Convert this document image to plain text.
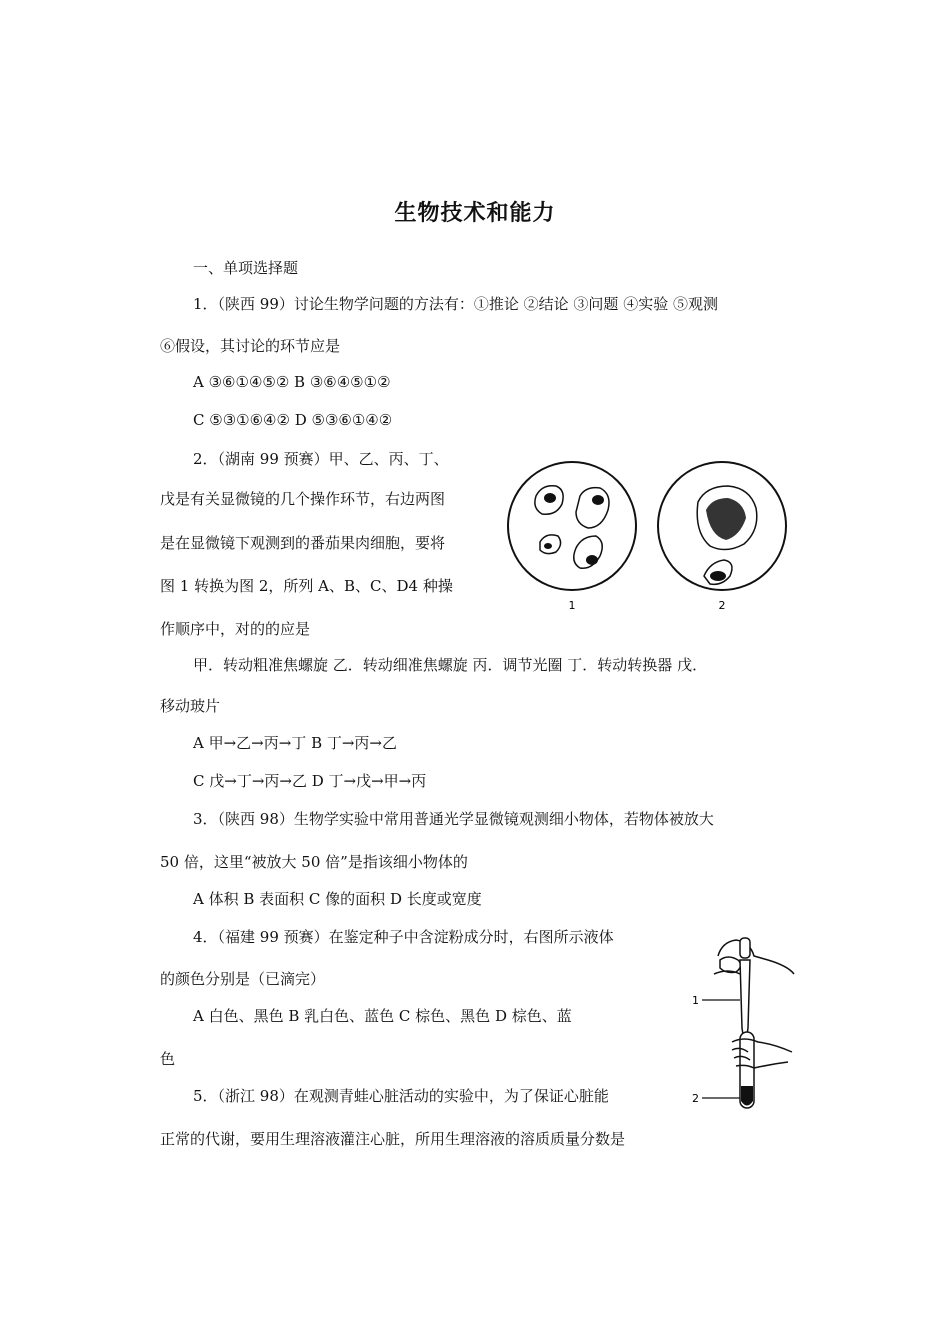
生物技术和能力
一、单项选择题
1．（陕西 99）讨论生物学问题的方法有：①推论 ②结论 ③问题 ④实验 ⑤观测
⑥假设，其讨论的环节应是
A ③⑥①④⑤② B ③⑥④⑤①②
C ⑤③①⑥④② D ⑤③⑥①④②
2．（湖南 99 预赛）甲、乙、丙、丁、
戊是有关显微镜的几个操作环节，右边两图
是在显微镜下观测到的番茄果肉细胞，要将
图 1 转换为图 2，所列 A、B、C、D4 种操
作顺序中，对的的应是
1	2
甲．转动粗准焦螺旋 乙．转动细准焦螺旋 丙．调节光圈 丁．转动转换器 戊．
移动玻片
A 甲→乙→丙→丁 B 丁→丙→乙
C 戊→丁→丙→乙 D 丁→戊→甲→丙
3．（陕西 98）生物学实验中常用普通光学显微镜观测细小物体，若物体被放大
50 倍，这里“被放大 50 倍”是指该细小物体的
A 体积 B 表面积 C 像的面积 D 长度或宽度
4．（福建 99 预赛）在鉴定种子中含淀粉成分时，右图所示液体
的颜色分别是（已滴完）
A 白色、黑色 B 乳白色、蓝色 C 棕色、黑色 D 棕色、蓝
色
1
2
5．（浙江 98）在观测青蛙心脏活动的实验中，为了保证心脏能
正常的代谢，要用生理溶液灌注心脏，所用生理溶液的溶质质量分数是
